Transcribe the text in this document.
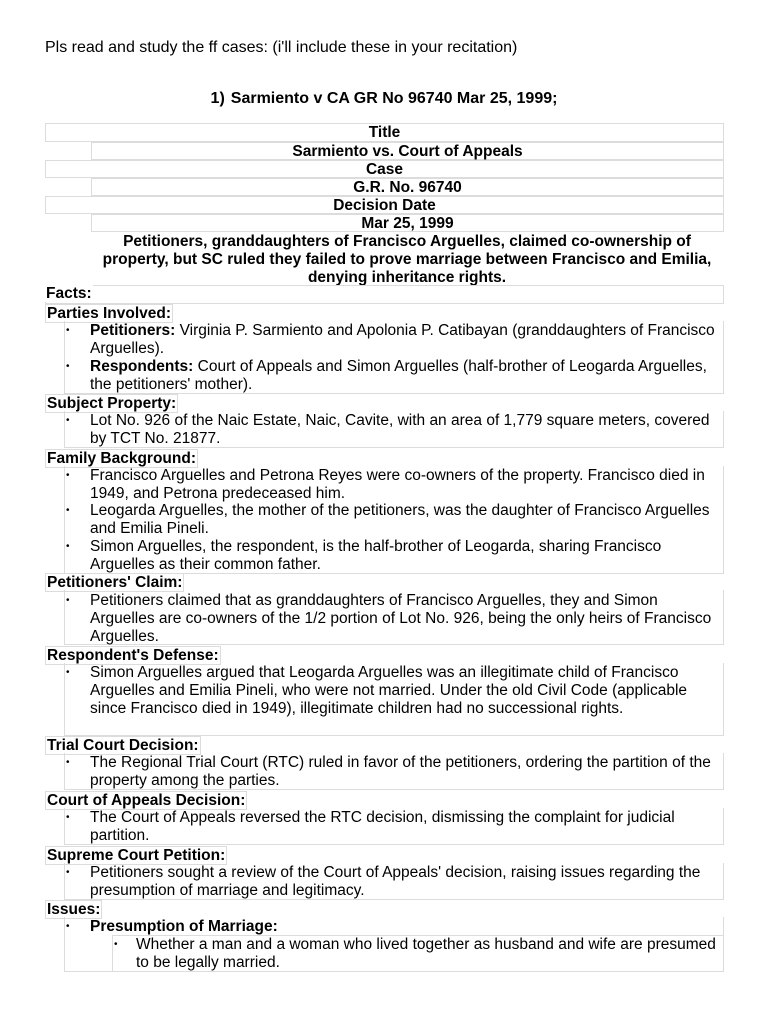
Pls read and study the ff cases: (i'll include these in your recitation)
1) Sarmiento v CA GR No 96740 Mar 25, 1999;
Title
Sarmiento vs. Court of Appeals
Case
G.R. No. 96740
Decision Date
Mar 25, 1999
Petitioners, granddaughters of Francisco Arguelles, claimed co-ownership of property, but SC ruled they failed to prove marriage between Francisco and Emilia, denying inheritance rights.
Facts:
Parties Involved:
• Petitioners: Virginia P. Sarmiento and Apolonia P. Catibayan (granddaughters of Francisco Arguelles).
• Respondents: Court of Appeals and Simon Arguelles (half-brother of Leogarda Arguelles, the petitioners' mother).
Subject Property:
• Lot No. 926 of the Naic Estate, Naic, Cavite, with an area of 1,779 square meters, covered by TCT No. 21877.
Family Background:
• Francisco Arguelles and Petrona Reyes were co-owners of the property. Francisco died in 1949, and Petrona predeceased him.
• Leogarda Arguelles, the mother of the petitioners, was the daughter of Francisco Arguelles and Emilia Pineli.
• Simon Arguelles, the respondent, is the half-brother of Leogarda, sharing Francisco Arguelles as their common father.
Petitioners' Claim:
• Petitioners claimed that as granddaughters of Francisco Arguelles, they and Simon Arguelles are co-owners of the 1/2 portion of Lot No. 926, being the only heirs of Francisco Arguelles.
Respondent's Defense:
• Simon Arguelles argued that Leogarda Arguelles was an illegitimate child of Francisco Arguelles and Emilia Pineli, who were not married. Under the old Civil Code (applicable since Francisco died in 1949), illegitimate children had no successional rights.
Trial Court Decision:
• The Regional Trial Court (RTC) ruled in favor of the petitioners, ordering the partition of the property among the parties.
Court of Appeals Decision:
• The Court of Appeals reversed the RTC decision, dismissing the complaint for judicial partition.
Supreme Court Petition:
• Petitioners sought a review of the Court of Appeals' decision, raising issues regarding the presumption of marriage and legitimacy.
Issues:
• Presumption of Marriage:
• Whether a man and a woman who lived together as husband and wife are presumed to be legally married.
